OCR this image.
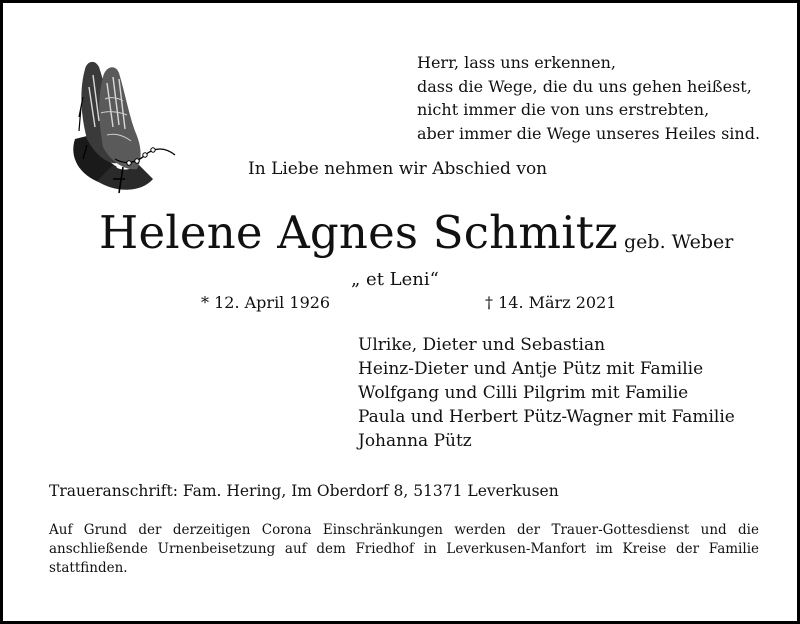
Herr, lass uns erkennen,
dass die Wege, die du uns gehen heißest,
nicht immer die von uns erstrebten,
aber immer die Wege unseres Heiles sind.
In Liebe nehmen wir Abschied von
Helene Agnes Schmitz geb. Weber
„ et Leni“
* 12. April 1926	† 14. März 2021
Ulrike, Dieter und Sebastian
Heinz-Dieter und Antje Pütz mit Familie
Wolfgang und Cilli Pilgrim mit Familie
Paula und Herbert Pütz-Wagner mit Familie
Johanna Pütz
Traueranschrift: Fam. Hering, Im Oberdorf 8, 51371 Leverkusen
Auf Grund der derzeitigen Corona Einschränkungen werden der Trauer-Gottesdienst und die anschließende Urnenbeisetzung auf dem Friedhof in Leverkusen-Manfort im Kreise der Familie stattfinden.
